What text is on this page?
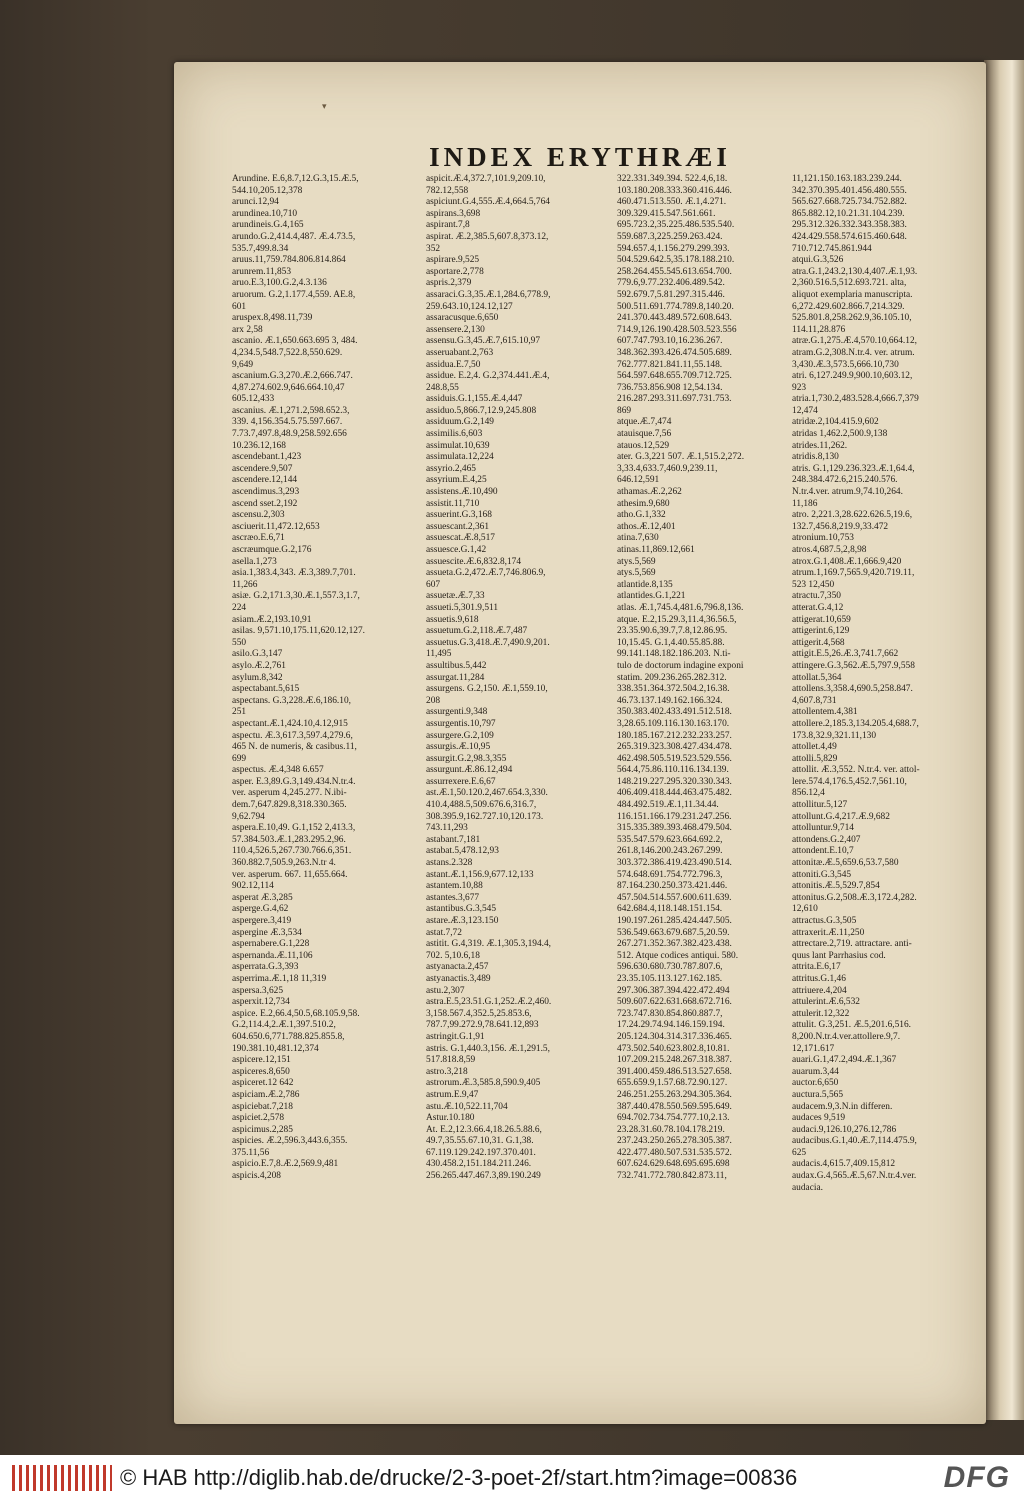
▾
INDEX ERYTHRÆI
Arundine. E.6,8.7,12.G.3,15.Æ.5,
544.10,205.12,378
arunci.12,94
arundinea.10,710
arundineis.G.4,165
arundo.G.2,414.4,487. Æ.4.73.5,
535.7,499.8.34
aruus.11,759.784.806.814.864
arunrem.11,853
aruo.E.3,100.G.2,4.3.136
aruorum. G.2,1.177.4,559. AE.8,
601
aruspex.8,498.11,739
arx 2,58
ascanio. Æ.1,650.663.695 3, 484.
4,234.5,548.7,522.8,550.629.
9,649
ascanium.G.3,270.Æ.2,666.747.
4,87.274.602.9,646.664.10,47
605.12,433
ascanius. Æ.1,271.2,598.652.3,
339. 4,156.354.5.75.597.667.
7.73.7,497.8,48.9,258.592.656
10.236.12,168
ascendebant.1,423
ascendere.9,507
ascendere.12,144
ascendimus.3,293
ascend sset.2,192
ascensu.2,303
asciuerit.11,472.12,653
ascræo.E.6,71
ascræumque.G.2,176
asella.1,273
asia.1,383.4,343. Æ.3,389.7,701.
11,266
asiæ. G.2,171.3,30.Æ.1,557.3,1.7,
224
asiam.Æ.2,193.10,91
asilas. 9,571.10,175.11,620.12,127.
550
asilo.G.3,147
asylo.Æ.2,761
asylum.8,342
aspectabant.5,615
aspectans. G.3,228.Æ.6,186.10,
251
aspectant.Æ.1,424.10,4.12,915
aspectu. Æ.3,617.3,597.4,279.6,
465 N. de numeris, & casibus.11,
699
aspectus. Æ.4,348 6.657
asper. E.3,89.G.3,149.434.N.tr.4.
ver. asperum 4,245.277. N.ibi-
dem.7,647.829.8,318.330.365.
9,62.794
aspera.E.10,49. G.1,152 2,413.3,
57.384.503.Æ.1,283.295.2,96.
110.4,526.5,267.730.766.6,351.
360.882.7,505.9,263.N.tr 4.
ver. asperum. 667. 11,655.664.
902.12,114
asperat Æ.3,285
asperge.G.4,62
aspergere.3,419
aspergine Æ.3,534
aspernabere.G.1,228
aspernanda.Æ.11,106
asperrata.G.3,393
asperrima.Æ.1,18 11,319
aspersa.3,625
asperxit.12,734
aspice. E.2,66.4,50.5,68.105.9,58.
G.2,114.4,2.Æ.1,397.510.2,
604.650.6,771.788.825.855.8,
190.381.10,481.12,374
aspicere.12,151
aspiceres.8,650
aspiceret.12 642
aspiciam.Æ.2,786
aspiciebat.7,218
aspiciet.2,578
aspicimus.2,285
aspicies. Æ.2,596.3,443.6,355.
375.11,56
aspicio.E.7,8.Æ.2,569.9,481
aspicis.4,208
aspicit.Æ.4,372.7,101.9,209.10,
782.12,558
aspiciunt.G.4,555.Æ.4,664.5,764
aspirans.3,698
aspirant.7,8
aspirat. Æ.2,385.5,607.8,373.12,
352
aspirare.9,525
asportare.2,778
aspris.2,379
assaraci.G.3,35.Æ.1,284.6,778.9,
259.643.10,124.12,127
assaracusque.6,650
assensere.2,130
assensu.G.3,45.Æ.7,615.10,97
asseruabant.2,763
assidua.E.7,50
assidue. E.2,4. G.2,374.441.Æ.4,
248.8,55
assiduis.G.1,155.Æ.4,447
assiduo.5,866.7,12.9,245.808
assiduum.G.2,149
assimilis.6,603
assimulat.10,639
assimulata.12,224
assyrio.2,465
assyrium.E.4,25
assistens.Æ.10,490
assistit.11,710
assuerint.G.3,168
assuescant.2,361
assuescat.Æ.8,517
assuesce.G.1,42
assuescite.Æ.6,832.8,174
assueta.G.2,472.Æ.7,746.806.9,
607
assuetæ.Æ.7,33
assueti.5,301.9,511
assuetis.9,618
assuetum.G.2,118.Æ.7,487
assuetus.G.3,418.Æ.7,490.9,201.
11,495
assultibus.5,442
assurgat.11,284
assurgens. G.2,150. Æ.1,559.10,
208
assurgenti.9,348
assurgentis.10,797
assurgere.G.2,109
assurgis.Æ.10,95
assurgit.G.2,98.3,355
assurgunt.Æ.86.12,494
assurrexere.E.6,67
ast.Æ.1,50.120.2,467.654.3,330.
410.4,488.5,509.676.6,316.7,
308.395.9,162.727.10,120.173.
743.11,293
astabant.7,181
astabat.5,478.12,93
astans.2.328
astant.Æ.1,156.9,677.12,133
astantem.10,88
astantes.3,677
astantibus.G.3,545
astare.Æ.3,123.150
astat.7,72
astitit. G.4,319. Æ.1,305.3,194.4,
702. 5,10.6,18
astyanacta.2,457
astyanactis.3,489
astu.2,307
astra.E.5,23.51.G.1,252.Æ.2,460.
3,158.567.4,352.5,25.853.6,
787.7,99.272.9,78.641.12,893
astringit.G.1,91
astris. G.1,440.3,156. Æ.1,291.5,
517.818.8,59
astro.3,218
astrorum.Æ.3,585.8,590.9,405
astrum.E.9,47
astu.Æ.10,522.11,704
Astur.10.180
At. E.2,12.3.66.4,18.26.5.88.6,
49.7,35.55.67.10,31. G.1,38.
67.119.129.242.197.370.401.
430.458.2,151.184.211.246.
256.265.447.467.3,89.190.249
322.331.349.394. 522.4,6,18.
103.180.208.333.360.416.446.
460.471.513.550. Æ.1,4.271.
309.329.415.547.561.661.
695.723.2,35.225.486.535.540.
559.687.3,225.259.263.424.
594.657.4,1.156.279.299.393.
504.529.642.5,35.178.188.210.
258.264.455.545.613.654.700.
779.6,9.77.232.406.489.542.
592.679.7,5.81.297.315.446.
500.511.691.774.789.8,140.20.
241.370.443.489.572.608.643.
714.9,126.190.428.503.523.556
607.747.793.10,16.236.267.
348.362.393.426.474.505.689.
762.777.821.841.11,55.148.
564.597.648.655.709.712.725.
736.753.856.908 12,54.134.
216.287.293.311.697.731.753.
869
atque.Æ.7,474
atauisque.7,56
atauos.12,529
ater. G.3,221 507. Æ.1,515.2,272.
3,33.4,633.7,460.9,239.11,
646.12,591
athamas.Æ.2,262
athesim.9,680
atho.G.1,332
athos.Æ.12,401
atina.7,630
atinas.11,869.12,661
atys.5,569
atys.5,569
atlantide.8,135
atlantides.G.1,221
atlas. Æ.1,745.4,481.6,796.8,136.
atque. E.2,15.29.3,11.4,36.56.5,
23.35.90.6,39.7,7.8,12.86.95.
10,15.45. G.1,4.40.55.85.88.
99.141.148.182.186.203. N.ti-
tulo de doctorum indagine exponi
statim. 209.236.265.282.312.
338.351.364.372.504.2,16.38.
46.73.137.149.162.166.324.
350.383.402.433.491.512.518.
3,28.65.109.116.130.163.170.
180.185.167.212.232.233.257.
265.319.323.308.427.434.478.
462.498.505.519.523.529.556.
564.4,75.86.110.116.134.139.
148.219.227.295.320.330.343.
406.409.418.444.463.475.482.
484.492.519.Æ.1,11.34.44.
116.151.166.179.231.247.256.
315.335.389.393.468.479.504.
535.547.579.623.664.692.2,
261.8,146.200.243.267.299.
303.372.386.419.423.490.514.
574.648.691.754.772.796.3,
87.164.230.250.373.421.446.
457.504.514.557.600.611.639.
642.684.4,118.148.151.154.
190.197.261.285.424.447.505.
536.549.663.679.687.5,20.59.
267.271.352.367.382.423.438.
512. Atque codices antiqui. 580.
596.630.680.730.787.807.6,
23.35.105.113.127.162.185.
297.306.387.394.422.472.494
509.607.622.631.668.672.716.
723.747.830.854.860.887.7,
17.24.29.74.94.146.159.194.
205.124.304.314.317.336.465.
473.502.540.623.802.8,10.81.
107.209.215.248.267.318.387.
391.400.459.486.513.527.658.
655.659.9,1.57.68.72.90.127.
246.251.255.263.294.305.364.
387.440.478.550.569.595.649.
694.702.734.754.777.10,2.13.
23.28.31.60.78.104.178.219.
237.243.250.265.278.305.387.
422.477.480.507.531.535.572.
607.624.629.648.695.695.698
732.741.772.780.842.873.11,
11,121.150.163.183.239.244.
342.370.395.401.456.480.555.
565.627.668.725.734.752.882.
865.882.12,10.21.31.104.239.
295.312.326.332.343.358.383.
424.429.558.574.615.460.648.
710.712.745.861.944
atqui.G.3,526
atra.G.1,243.2,130.4,407.Æ.1,93.
2,360.516.5,512.693.721. alta,
aliquot exemplaria manuscripta.
6,272.429.602.866.7,214.329.
525.801.8,258.262.9,36.105.10,
114.11,28.876
atræ.G.1,275.Æ.4,570.10,664.12,
atram.G.2,308.N.tr.4. ver. atrum.
3,430.Æ.3,573.5,666.10,730
atri. 6,127.249.9,900.10,603.12,
923
atria.1,730.2,483.528.4,666.7,379
12,474
atridæ.2,104.415.9,602
atridas 1,462.2,500.9,138
atrides.11,262.
atridis.8,130
atris. G.1,129.236.323.Æ.1,64.4,
248.384.472.6,215.240.576.
N.tr.4.ver. atrum.9,74.10,264.
11,186
atro. 2,221.3,28.622.626.5,19.6,
132.7,456.8,219.9,33.472
atronium.10,753
atros.4,687.5,2,8,98
atrox.G.1,408.Æ.1,666.9,420
atrum.1,169.7,565.9,420.719.11,
523 12,450
atractu.7,350
atterat.G.4,12
attigerat.10,659
attigerint.6,129
attigerit.4,568
attigit.E.5,26.Æ.3,741.7,662
attingere.G.3,562.Æ.5,797.9,558
attollat.5,364
attollens.3,358.4,690.5,258.847.
4,607.8,731
attollentem.4,381
attollere.2,185.3,134.205.4,688.7,
173.8,32.9,321.11,130
attollet.4,49
attolli.5,829
attollit. Æ.3,552. N.tr.4. ver. attol-
lere.574.4,176.5,452.7,561.10,
856.12,4
attollitur.5,127
attollunt.G.4,217.Æ.9,682
attolluntur.9,714
attondens.G.2,407
attondent.E.10,7
attonitæ.Æ.5,659.6,53.7,580
attoniti.G.3,545
attonitis.Æ.5,529.7,854
attonitus.G.2,508.Æ.3,172.4,282.
12,610
attractus.G.3,505
attraxerit.Æ.11,250
attrectare.2,719. attractare. anti-
quus lant Parrhasius cod.
attrita.E.6,17
attritus.G.1,46
attriuere.4,204
attulerint.Æ.6,532
attulerit.12,322
attulit. G.3,251. Æ.5,201.6,516.
8,200.N.tr.4.ver.attollere.9,7.
12,171.617
auari.G.1,47.2,494.Æ.1,367
auarum.3,44
auctor.6,650
auctura.5,565
audacem.9,3.N.in differen.
audaces 9,519
audaci.9,126.10,276.12,786
audacibus.G.1,40.Æ.7,114.475.9,
625
audacis.4,615.7,409.15,812
audax.G.4,565.Æ.5,67.N.tr.4.ver.
audacia.
© HAB http://diglib.hab.de/drucke/2-3-poet-2f/start.htm?image=00836	DFG
